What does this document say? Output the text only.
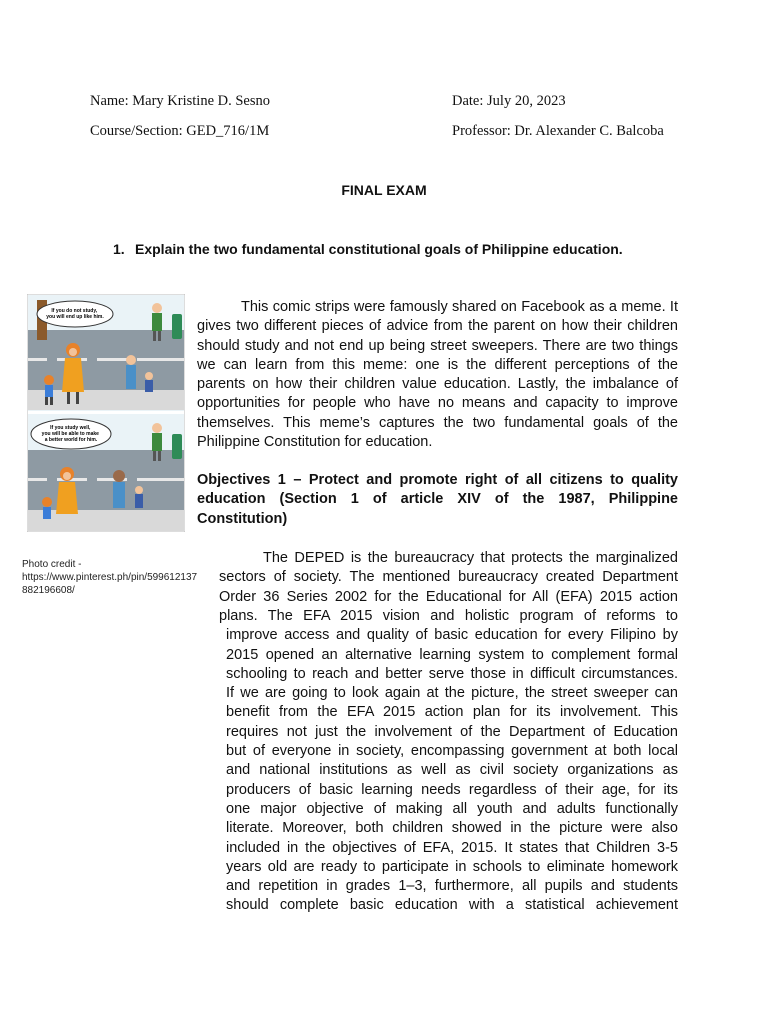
Name: Mary Kristine D. Sesno	Date: July 20, 2023
Course/Section: GED_716/1M	Professor: Dr. Alexander C. Balcoba
FINAL EXAM
1. Explain the two fundamental constitutional goals of Philippine education.
If you do not study, you will end up like him.
If you study well, you will be able to make a better world for him.
Photo credit -
https://www.pinterest.ph/pin/599612137
882196608/

This comic strips were famously shared on Facebook as a meme. It gives two different pieces of advice from the parent on how their children should study and not end up being street sweepers. There are two things we can learn from this meme: one is the different perceptions of the parents on how their children value education. Lastly, the imbalance of opportunities for people who have no means and capacity to improve themselves. This meme’s captures the two fundamental goals of the Philippine Constitution for education.

Objectives 1 – Protect and promote right of all citizens to quality education (Section 1 of article XIV of the 1987, Philippine Constitution)

The DEPED is the bureaucracy that protects the marginalized
sectors of society. The mentioned bureaucracy created Department
Order 36 Series 2002 for the Educational for All (EFA) 2015 action
plans. The EFA 2015 vision and holistic program of reforms to
improve access and quality of basic education for every Filipino by
2015 opened an alternative learning system to complement formal
schooling to reach and better serve those in difficult circumstances.
If we are going to look again at the picture, the street sweeper can
benefit from the EFA 2015 action plan for its involvement. This
requires not just the involvement of the Department of Education
but of everyone in society, encompassing government at both local
and national institutions as well as civil society organizations as
producers of basic learning needs regardless of their age, for its
one major objective of making all youth and adults functionally
literate. Moreover, both children showed in the picture were also
included in the objectives of EFA, 2015. It states that Children 3-5
years old are ready to participate in schools to eliminate homework
and repetition in grades 1–3, furthermore, all pupils and students
should complete basic education with a statistical achievement
